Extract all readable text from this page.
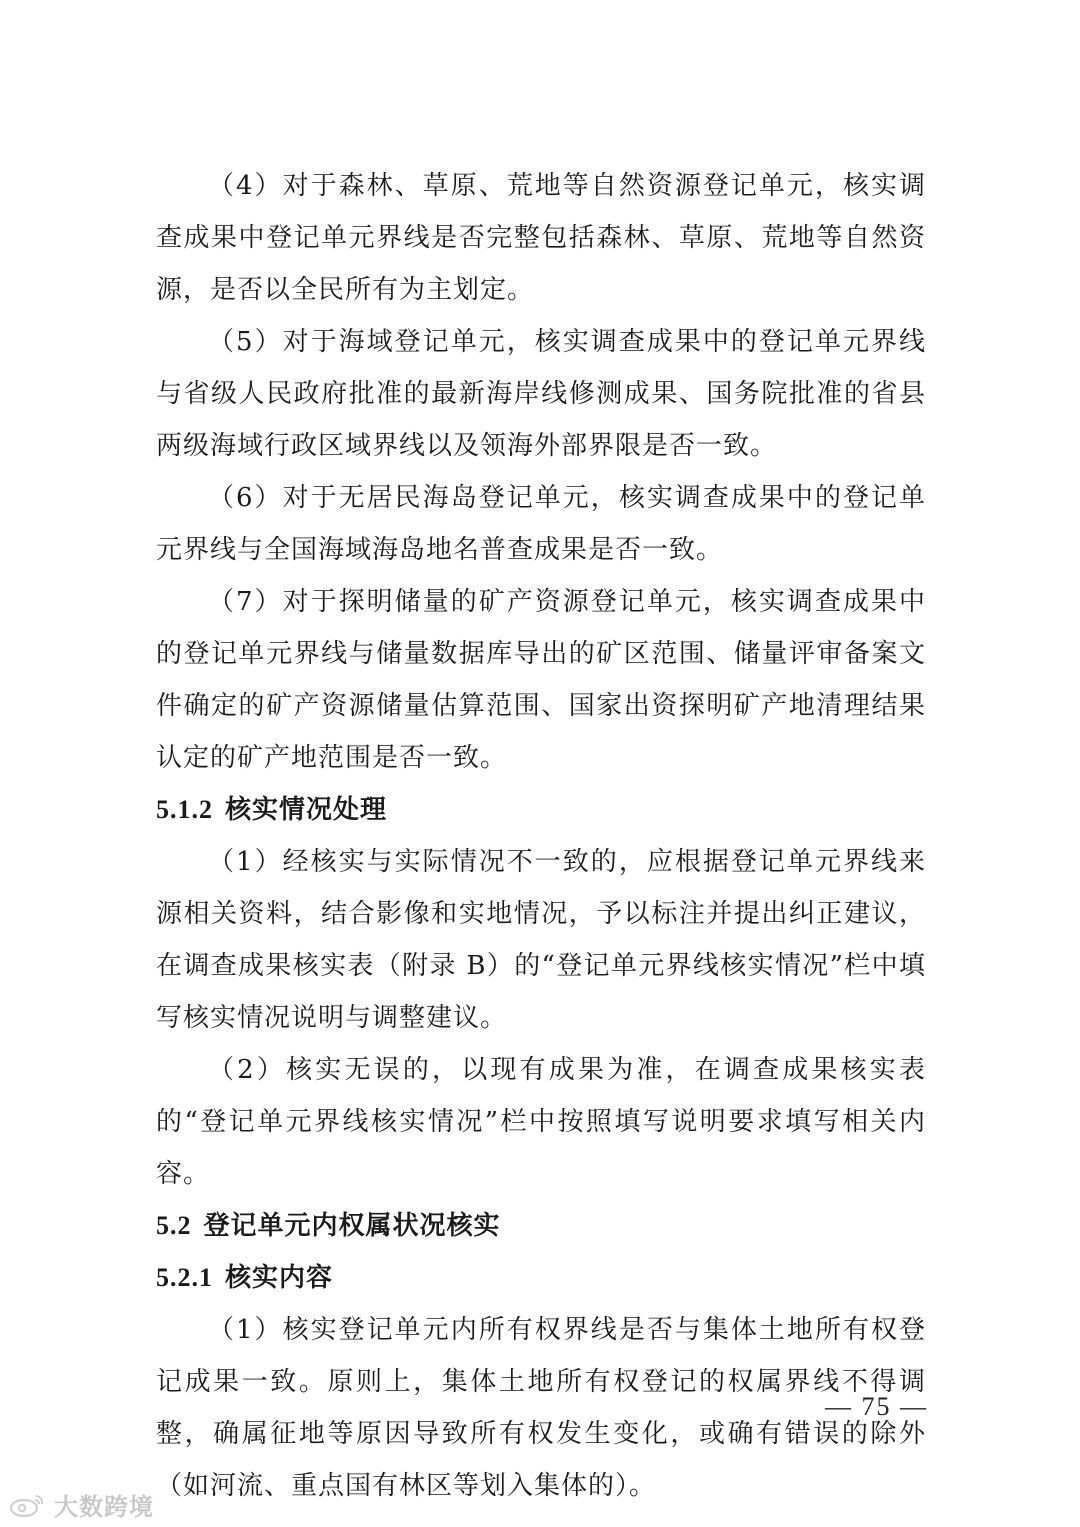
（4）对于森林、草原、荒地等自然资源登记单元，核实调查成果中登记单元界线是否完整包括森林、草原、荒地等自然资源，是否以全民所有为主划定。

（5）对于海域登记单元，核实调查成果中的登记单元界线与省级人民政府批准的最新海岸线修测成果、国务院批准的省县两级海域行政区域界线以及领海外部界限是否一致。

（6）对于无居民海岛登记单元，核实调查成果中的登记单元界线与全国海域海岛地名普查成果是否一致。

（7）对于探明储量的矿产资源登记单元，核实调查成果中的登记单元界线与储量数据库导出的矿区范围、储量评审备案文件确定的矿产资源储量估算范围、国家出资探明矿产地清理结果认定的矿产地范围是否一致。

5.1.2 核实情况处理

（1）经核实与实际情况不一致的，应根据登记单元界线来源相关资料，结合影像和实地情况，予以标注并提出纠正建议，在调查成果核实表（附录 B）的“登记单元界线核实情况”栏中填写核实情况说明与调整建议。

（2）核实无误的，以现有成果为准，在调查成果核实表的“登记单元界线核实情况”栏中按照填写说明要求填写相关内容。

5.2 登记单元内权属状况核实

5.2.1 核实内容

（1）核实登记单元内所有权界线是否与集体土地所有权登记成果一致。原则上，集体土地所有权登记的权属界线不得调整，确属征地等原因导致所有权发生变化，或确有错误的除外（如河流、重点国有林区等划入集体的）。

— 75 —
大数跨境
